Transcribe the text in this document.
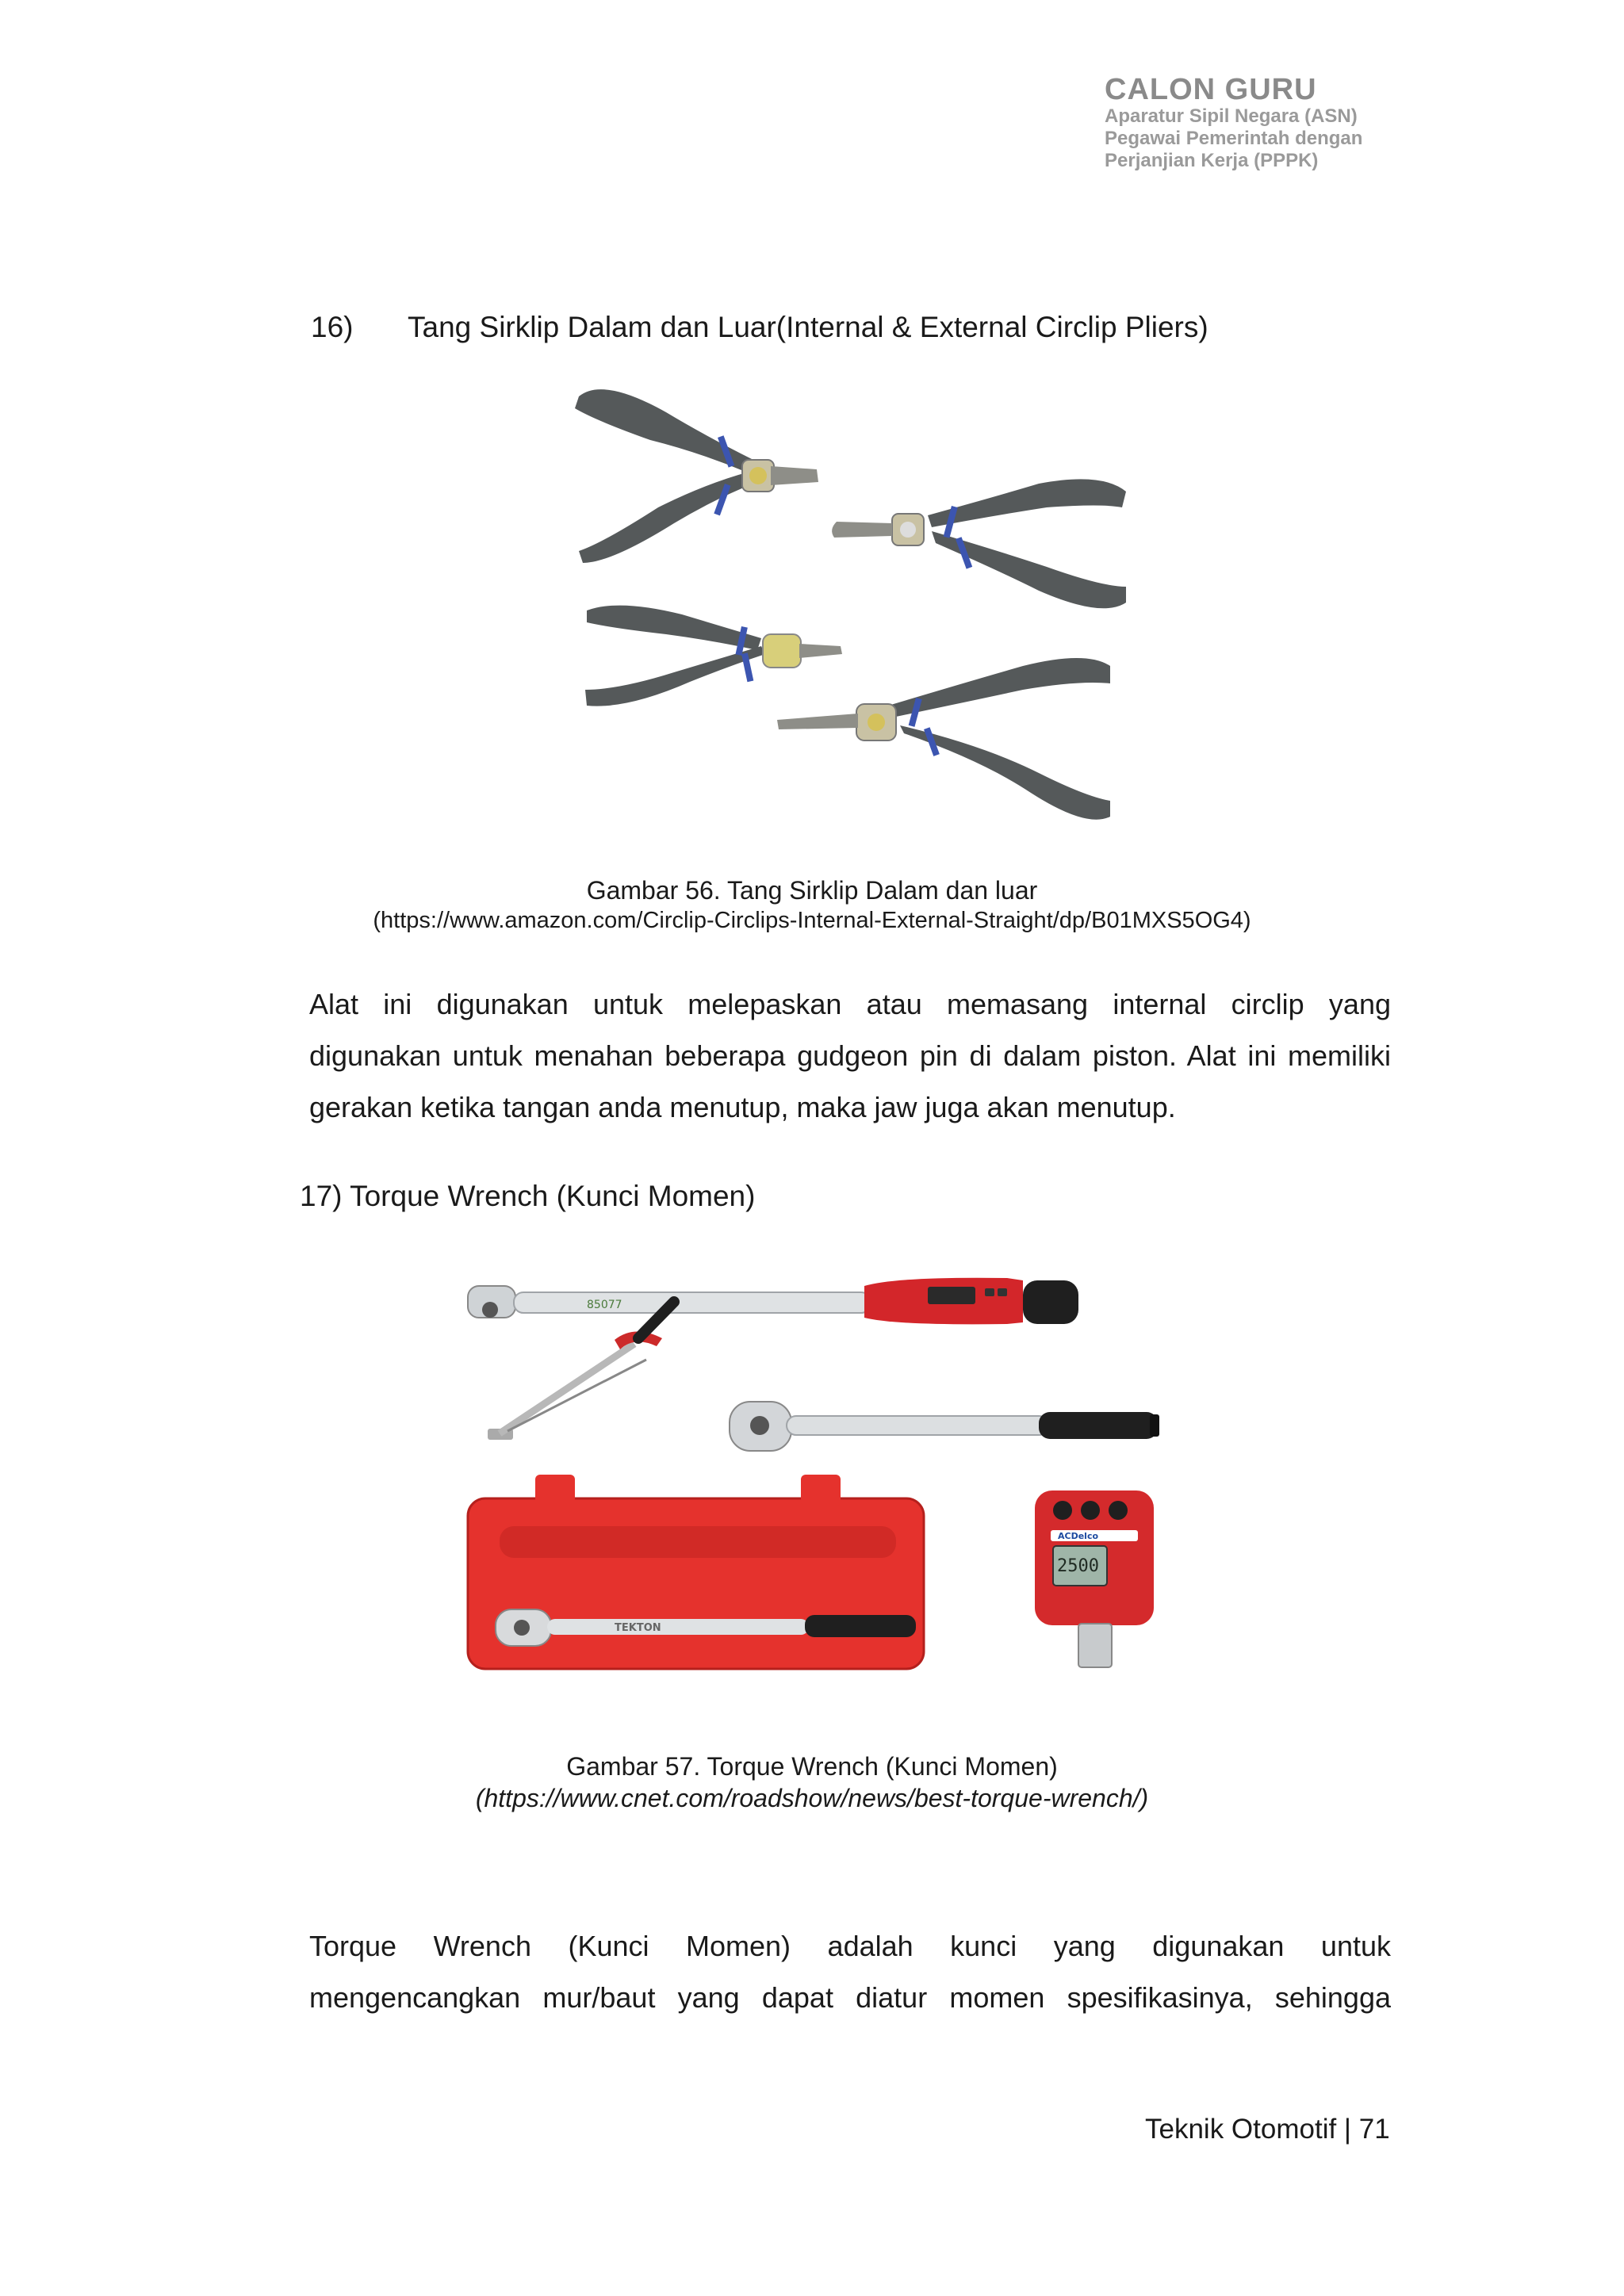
CALON GURU
Aparatur Sipil Negara (ASN)
Pegawai Pemerintah dengan
Perjanjian Kerja (PPPK)
16) Tang Sirklip Dalam dan Luar(Internal & External Circlip Pliers)
Gambar 56. Tang Sirklip Dalam dan luar
(https://www.amazon.com/Circlip-Circlips-Internal-External-Straight/dp/B01MXS5OG4)
Alat ini digunakan untuk melepaskan atau memasang internal circlip yang
digunakan untuk menahan beberapa gudgeon pin di dalam piston. Alat ini memiliki
gerakan ketika tangan anda menutup, maka jaw juga akan menutup.
17) Torque Wrench (Kunci Momen)
85077
TEKTON
ACDelco
2500
Gambar 57. Torque Wrench (Kunci Momen)
(https://www.cnet.com/roadshow/news/best-torque-wrench/)
Torque Wrench (Kunci Momen) adalah kunci yang digunakan untuk
mengencangkan mur/baut yang dapat diatur momen spesifikasinya, sehingga
Teknik Otomotif | 71
